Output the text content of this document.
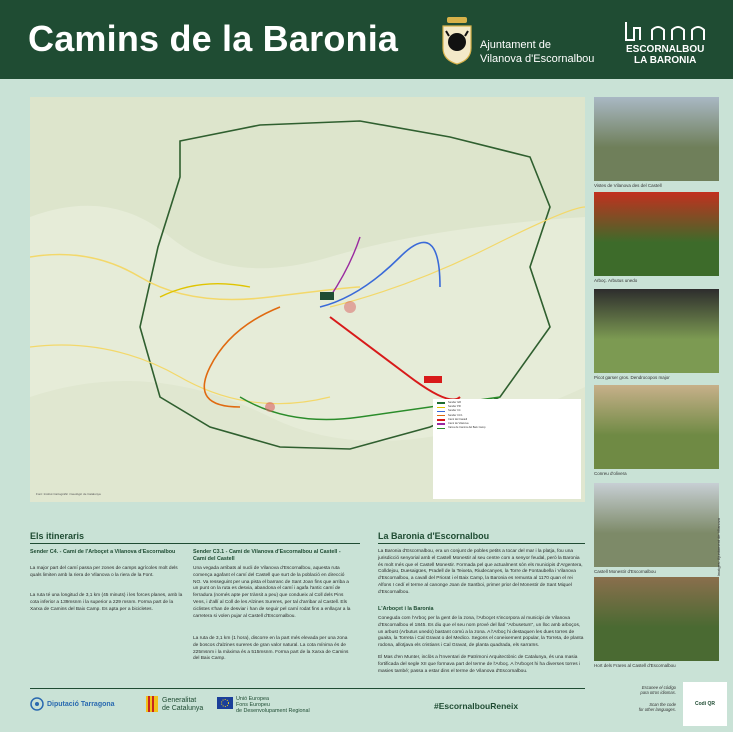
Camins de la Baronia	Ajuntament de
Vilanova d'Escornalbou
ESCORNALBOU
LA BARONIA
Font: Institut Cartogràfic i Geològic de Catalunya
Sender GR
Sender PR
Sender C4
Sender C3.1
Camí del Castell
Camí de Vilanova
Xarxa de Camins del Baix Camp
Vistes de Vilanova des del Castell
Arboç. Arbutus unedo
Picot garser gros. Dendrocopos major
Conreu d'olivera
Castell Monestir d'Escornalbou
Hort dels Frares al Castell d'Escornalbou
Imatges: Ajuntament de Vilanova
Els itineraris
Sender C4. - Camí de l'Arboçet a Vilanova d'Escornalbou
La major part del camí passa per zones de camps agrícoles molt dels quals limiten amb la riera de Vilanova o la riera de la Font.
La ruta té una longitud de 3,1 km (45 minuts) i les forces planes, amb la cota inferior a 139msnm i la superior a 229 msnm. Forma part de la Xarxa de Camins del Baix Camp. Es apta per a bicicletes.
Sender C3.1 - Camí de Vilanova d'Escornalbou al Castell - Camí del Castell
Una vegada arribats al nucli de Vilanova d'Escornalbou, aquesta ruta comença agafant el camí del Castell que surt de la població en direcció NO. Va resseguint per una pista el barranc de Sant Joan fins que arriba a un punt on la ruta es desvia, abandona el camí i agafa l'antic camí de ferradura (només apte per trànsit a peu) que condueix al Coll dels Pins Vens, i d'allí al Coll de les Alzines Sureres, per tal d'arribar al Castell. Els ciclistes s'han de desviar i han de seguir pel camí rodat fins a enllaçar a la carretera si volen pujar al Castell d'Escornalbou.
La ruta de 3,1 km (1 hora), discorre en la part més elevada per una zona de boscos d'alzines sureres de gran valor natural. La cota mínima és de 225msnm i la màxima és a 515msnm. Forma part de la Xarxa de Camins del Baix Camp.
La Baronia d'Escornalbou
La Baronia d'Escornalbou, era un conjunt de pobles petits a tocar del mar i la platja, fou una jurisdicció senyorial amb el Castell Monestir al seu centre com a senyor feudal, però la Baronia és molt més que el Castell Monestir. Formada pel que actualment són els municipis d'Argentera, Colldejou, Duesaigües, Pradell de la Teixeta, Riudecanyes, la Torre de Fontaubella i Vilanova d'Escornalbou, a cavall del Priorat i el Baix Camp, la Baronia es remunta al 1170 quan el rei Alfons I cedí el terme al canonge Joan de Santboi, primer prior del Monestir de Sant Miquel d'Escornalbou.
L'Arboçet i la Baronia
Coneguda com l'Arboç per la gent de la zona, l'Arboçet s'incorpora al municipi de Vilanova d'Escornalbou el 1845. Es diu que el seu nom prové del llatí "Arbusetum", un lloc amb arboços, un arbust (Arbutus unedo) bastant comú a la zona. A l'Arboç hi destaquen les dues torres de guaita, la Torreta i Cal Gravat o del Medico. Segons el coneixement popular, la Torreta, de planta rodona, allotjava els cristians i Cal Gravat, de planta quadrada, els sarraïns.
El Mas d'en Munter, inclòs a l'Inventari de Patrimoni Arquitectònic de Catalunya, és una masia fortificada del segle XII que formava part del terme de l'Arboç. A l'Arboçet hi ha diverses torres i masies també; passa a estar dins el terme de Vilanova d'Escornalbou.
Diputació Tarragona
Generalitat
de Catalunya
Unió Europea
Fons Europeu
de Desenvolupament Regional	#EscornalbouReneix
Escanee el código
para otros idiomas.
Scan the code
for other languages.
Codi QR
